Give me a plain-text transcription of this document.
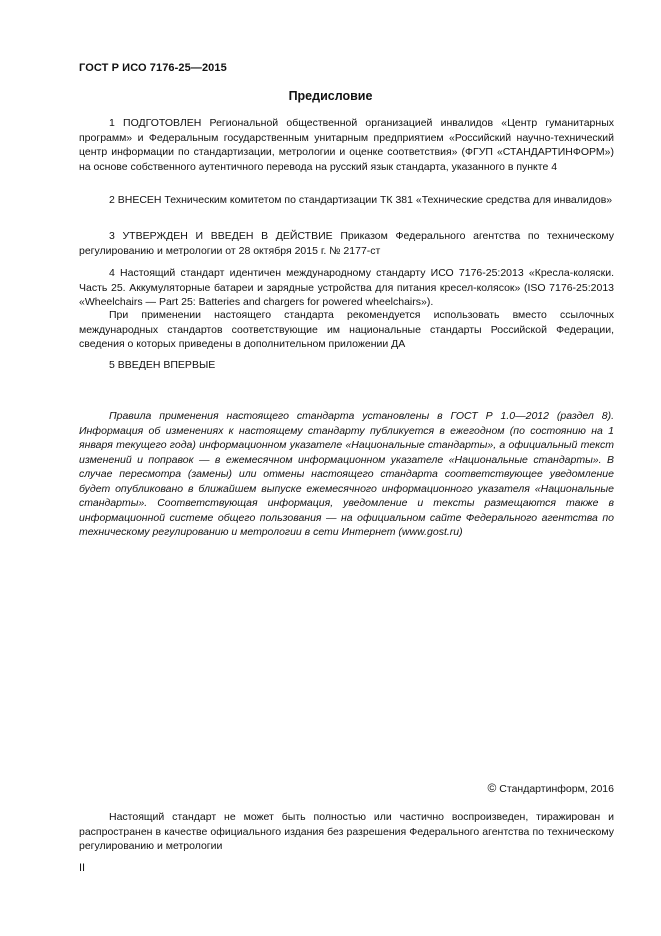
ГОСТ Р ИСО 7176-25—2015
Предисловие

1 ПОДГОТОВЛЕН Региональной общественной организацией инвалидов «Центр гуманитарных программ» и Федеральным государственным унитарным предприятием «Российский научно-технический центр информации по стандартизации, метрологии и оценке соответствия» (ФГУП «СТАНДАРТИНФОРМ») на основе собственного аутентичного перевода на русский язык стандарта, указанного в пункте 4

2 ВНЕСЕН Техническим комитетом по стандартизации ТК 381 «Технические средства для инвалидов»

3 УТВЕРЖДЕН И ВВЕДЕН В ДЕЙСТВИЕ Приказом Федерального агентства по техническому регулированию и метрологии от 28 октября 2015 г. № 2177-ст

4 Настоящий стандарт идентичен международному стандарту ИСО 7176-25:2013 «Кресла-коляски. Часть 25. Аккумуляторные батареи и зарядные устройства для питания кресел-колясок» (ISO 7176-25:2013 «Wheelchairs — Part 25: Batteries and chargers for powered wheelchairs»).

При применении настоящего стандарта рекомендуется использовать вместо ссылочных международных стандартов соответствующие им национальные стандарты Российской Федерации, сведения о которых приведены в дополнительном приложении ДА

5 ВВЕДЕН ВПЕРВЫЕ

Правила применения настоящего стандарта установлены в ГОСТ Р 1.0—2012 (раздел 8). Информация об изменениях к настоящему стандарту публикуется в ежегодном (по состоянию на 1 января текущего года) информационном указателе «Национальные стандарты», а официальный текст изменений и поправок — в ежемесячном информационном указателе «Национальные стандарты». В случае пересмотра (замены) или отмены настоящего стандарта соответствующее уведомление будет опубликовано в ближайшем выпуске ежемесячного информационного указателя «Национальные стандарты». Соответствующая информация, уведомление и тексты размещаются также в информационной системе общего пользования — на официальном сайте Федерального агентства по техническому регулированию и метрологии в сети Интернет (www.gost.ru)

© Стандартинформ, 2016

Настоящий стандарт не может быть полностью или частично воспроизведен, тиражирован и распространен в качестве официального издания без разрешения Федерального агентства по техническому регулированию и метрологии

II
